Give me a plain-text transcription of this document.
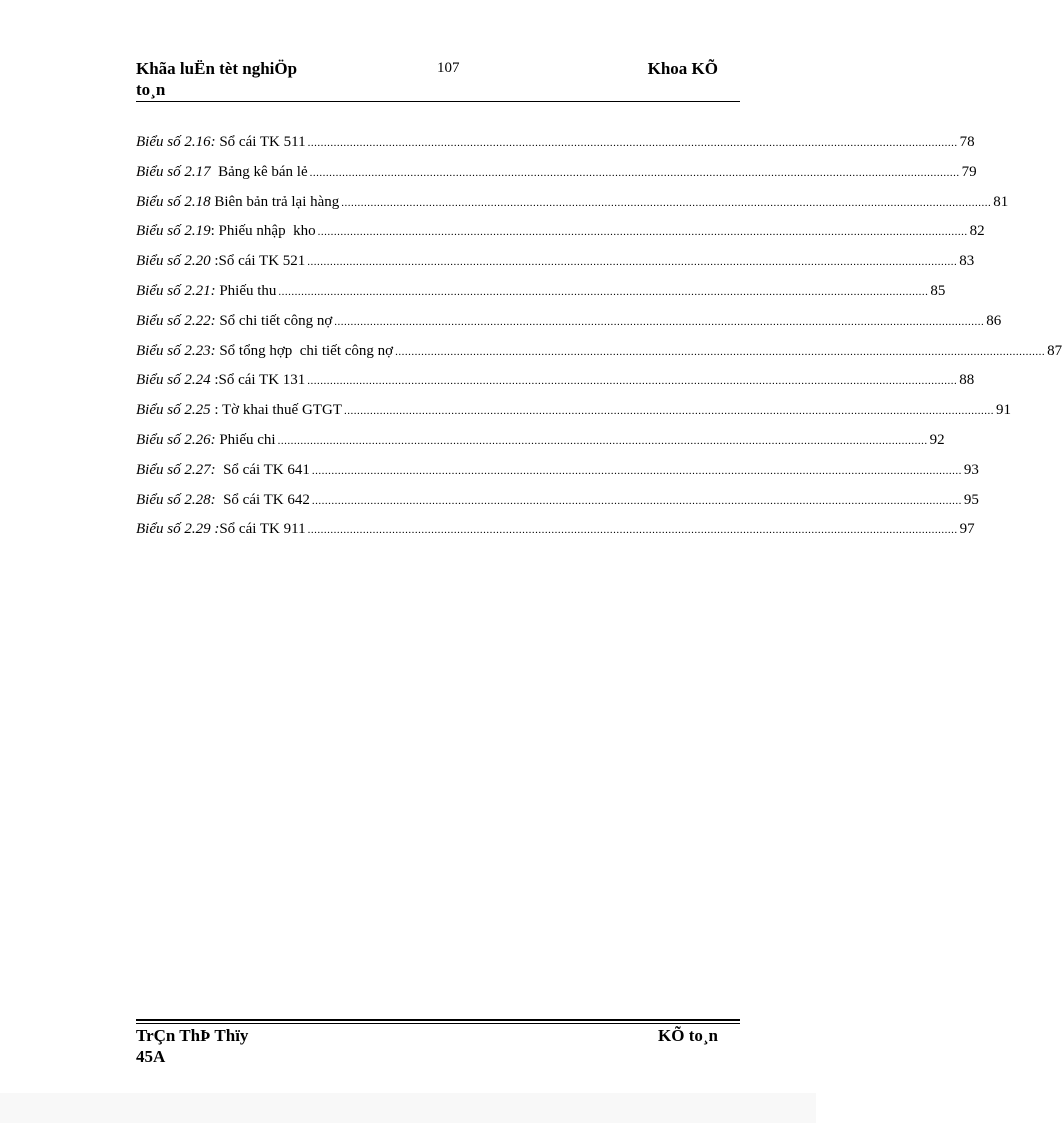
Khãa luËn tèt nghiÖp
to¸n
107	Khoa KÕ
Biểu số 2.16: Sổ cái TK 511 ........................................................................................................................................................................................................ 78
Biểu số 2.17 Bảng kê bán lẻ ........................................................................................................................................................................................................ 79
Biểu số 2.18 Biên bản trả lại hàng ........................................................................................................................................................................................................ 81
Biểu số 2.19 : Phiếu nhập  kho ........................................................................................................................................................................................................ 82
Biểu số 2.20 :Sổ cái TK 521 ........................................................................................................................................................................................................ 83
Biểu số 2.21: Phiếu thu ........................................................................................................................................................................................................ 85
Biểu số 2.22: Sổ chi tiết công nợ ........................................................................................................................................................................................................ 86
Biểu số 2.23: Sổ tổng hợp  chi tiết công nợ ........................................................................................................................................................................................................ 87
Biểu số 2.24 :Sổ cái TK 131 ........................................................................................................................................................................................................ 88
Biểu số 2.25 : Tờ khai thuế GTGT ........................................................................................................................................................................................................ 91
Biểu số 2.26: Phiếu chi ........................................................................................................................................................................................................ 92
Biểu số 2.27: Sổ cái TK 641 ........................................................................................................................................................................................................ 93
Biểu số 2.28: Sổ cái TK 642 ........................................................................................................................................................................................................ 95
Biểu số 2.29 : Sổ cái TK 911 ........................................................................................................................................................................................................ 97
TrÇn ThÞ Thïy
45A
KÕ to¸n
